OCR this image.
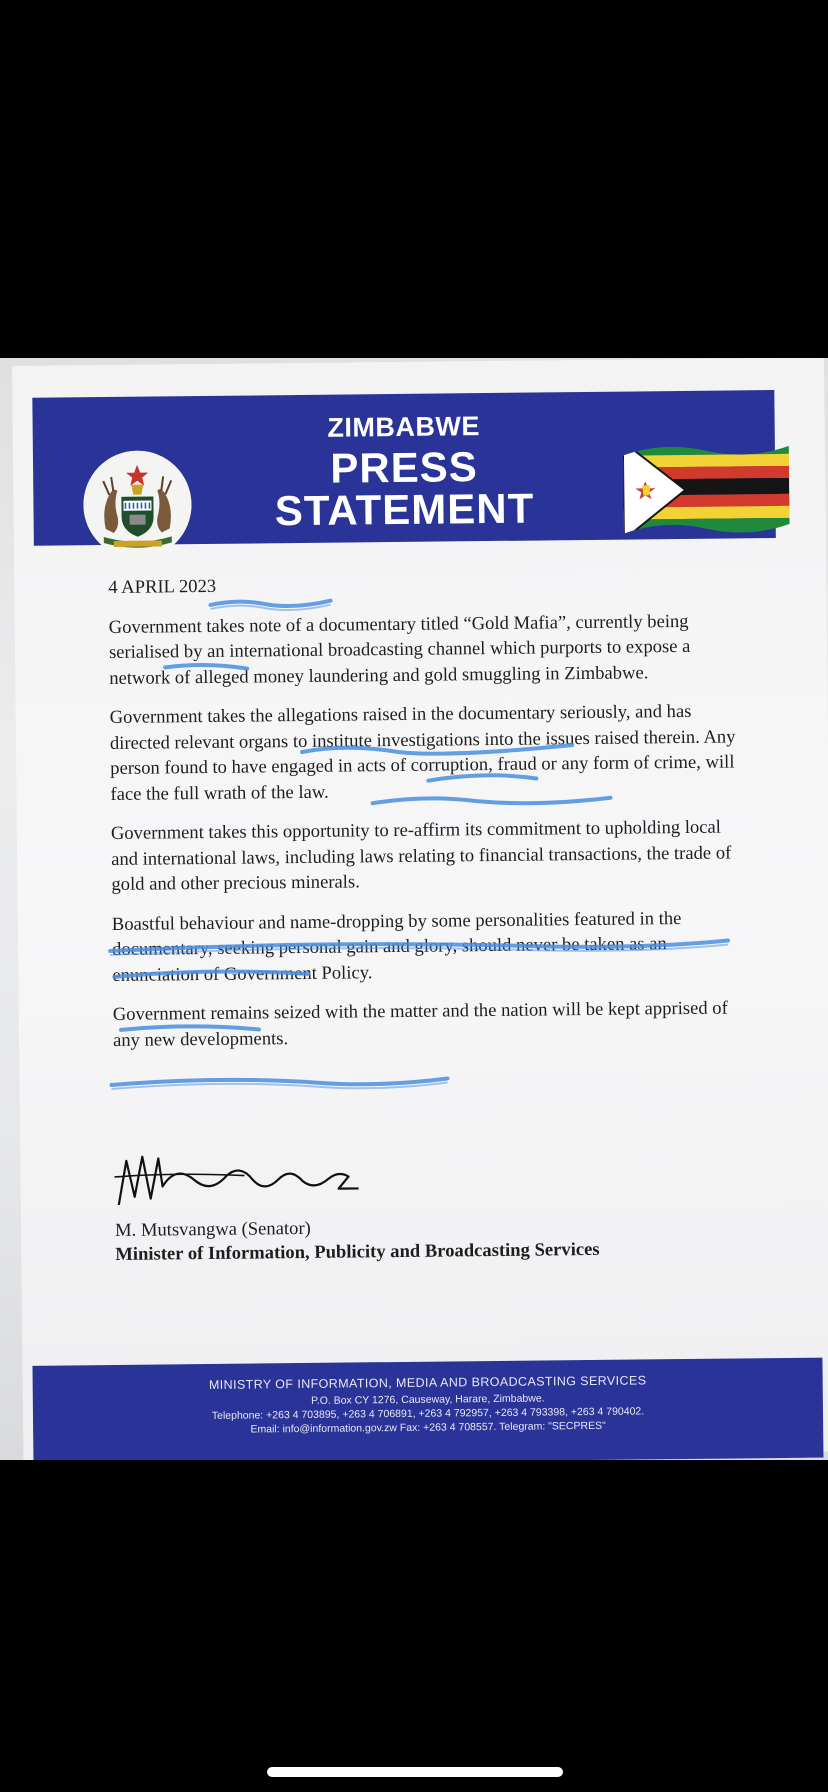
ZIMBABWE
PRESS
STATEMENT

4 APRIL 2023

Government takes note of a documentary titled “Gold Mafia”, currently being serialised by an international broadcasting channel which purports to expose a network of alleged money laundering and gold smuggling in Zimbabwe.

Government takes the allegations raised in the documentary seriously, and has directed relevant organs to institute investigations into the issues raised therein. Any person found to have engaged in acts of corruption, fraud or any form of crime, will face the full wrath of the law.

Government takes this opportunity to re-affirm its commitment to upholding local and international laws, including laws relating to financial transactions, the trade of gold and other precious minerals.

Boastful behaviour and name-dropping by some personalities featured in the documentary, seeking personal gain and glory, should never be taken as an enunciation of Government Policy.

Government remains seized with the matter and the nation will be kept apprised of any new developments.

M. Mutsvangwa (Senator)

Minister of Information, Publicity and Broadcasting Services

MINISTRY OF INFORMATION, MEDIA AND BROADCASTING SERVICES
P.O. Box CY 1276, Causeway, Harare, Zimbabwe.
Telephone: +263 4 703895, +263 4 706891, +263 4 792957, +263 4 793398, +263 4 790402.
Email: info@information.gov.zw Fax: +263 4 708557. Telegram: "SECPRES"
